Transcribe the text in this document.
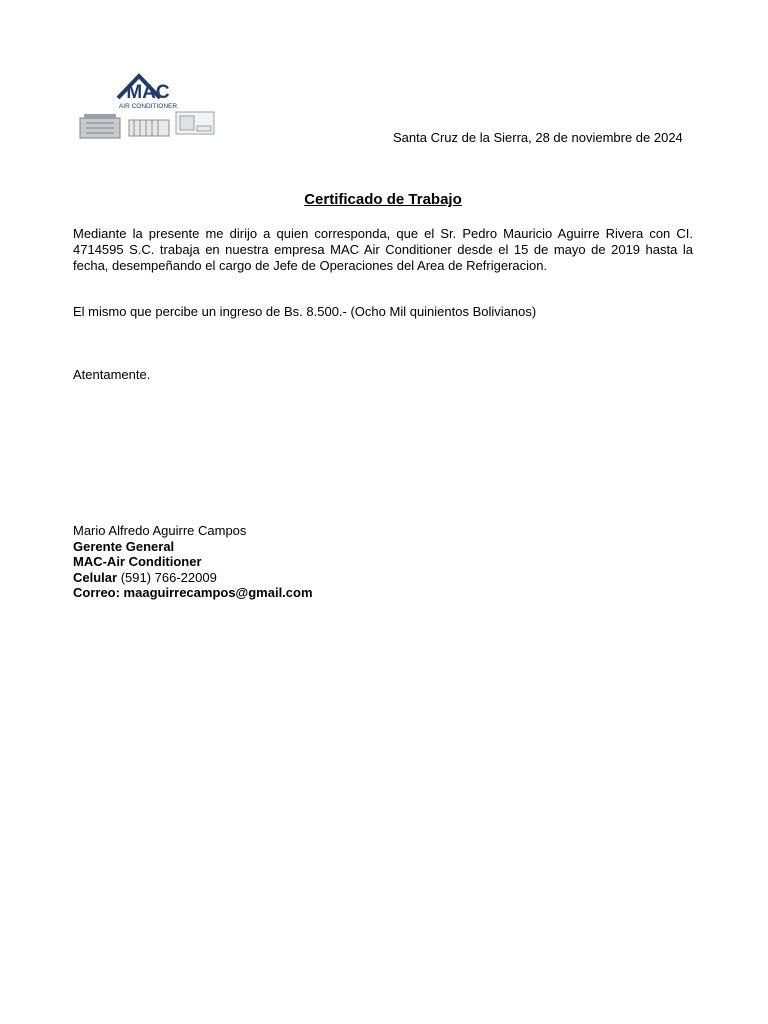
MAC
AIR CONDITIONER
Santa Cruz de la Sierra, 28 de noviembre de 2024
Certificado de Trabajo

Mediante la presente me dirijo a quien corresponda, que el Sr. Pedro Mauricio Aguirre Rivera con CI. 4714595 S.C. trabaja en nuestra empresa MAC Air Conditioner desde el 15 de mayo de 2019 hasta la fecha, desempeñando el cargo de Jefe de Operaciones del Area de Refrigeracion.

El mismo que percibe un ingreso de Bs. 8.500.- (Ocho Mil quinientos Bolivianos)

Atentamente.

Mario Alfredo Aguirre Campos
Gerente General
MAC-Air Conditioner
Celular (591) 766-22009
Correo: maaguirrecampos@gmail.com
